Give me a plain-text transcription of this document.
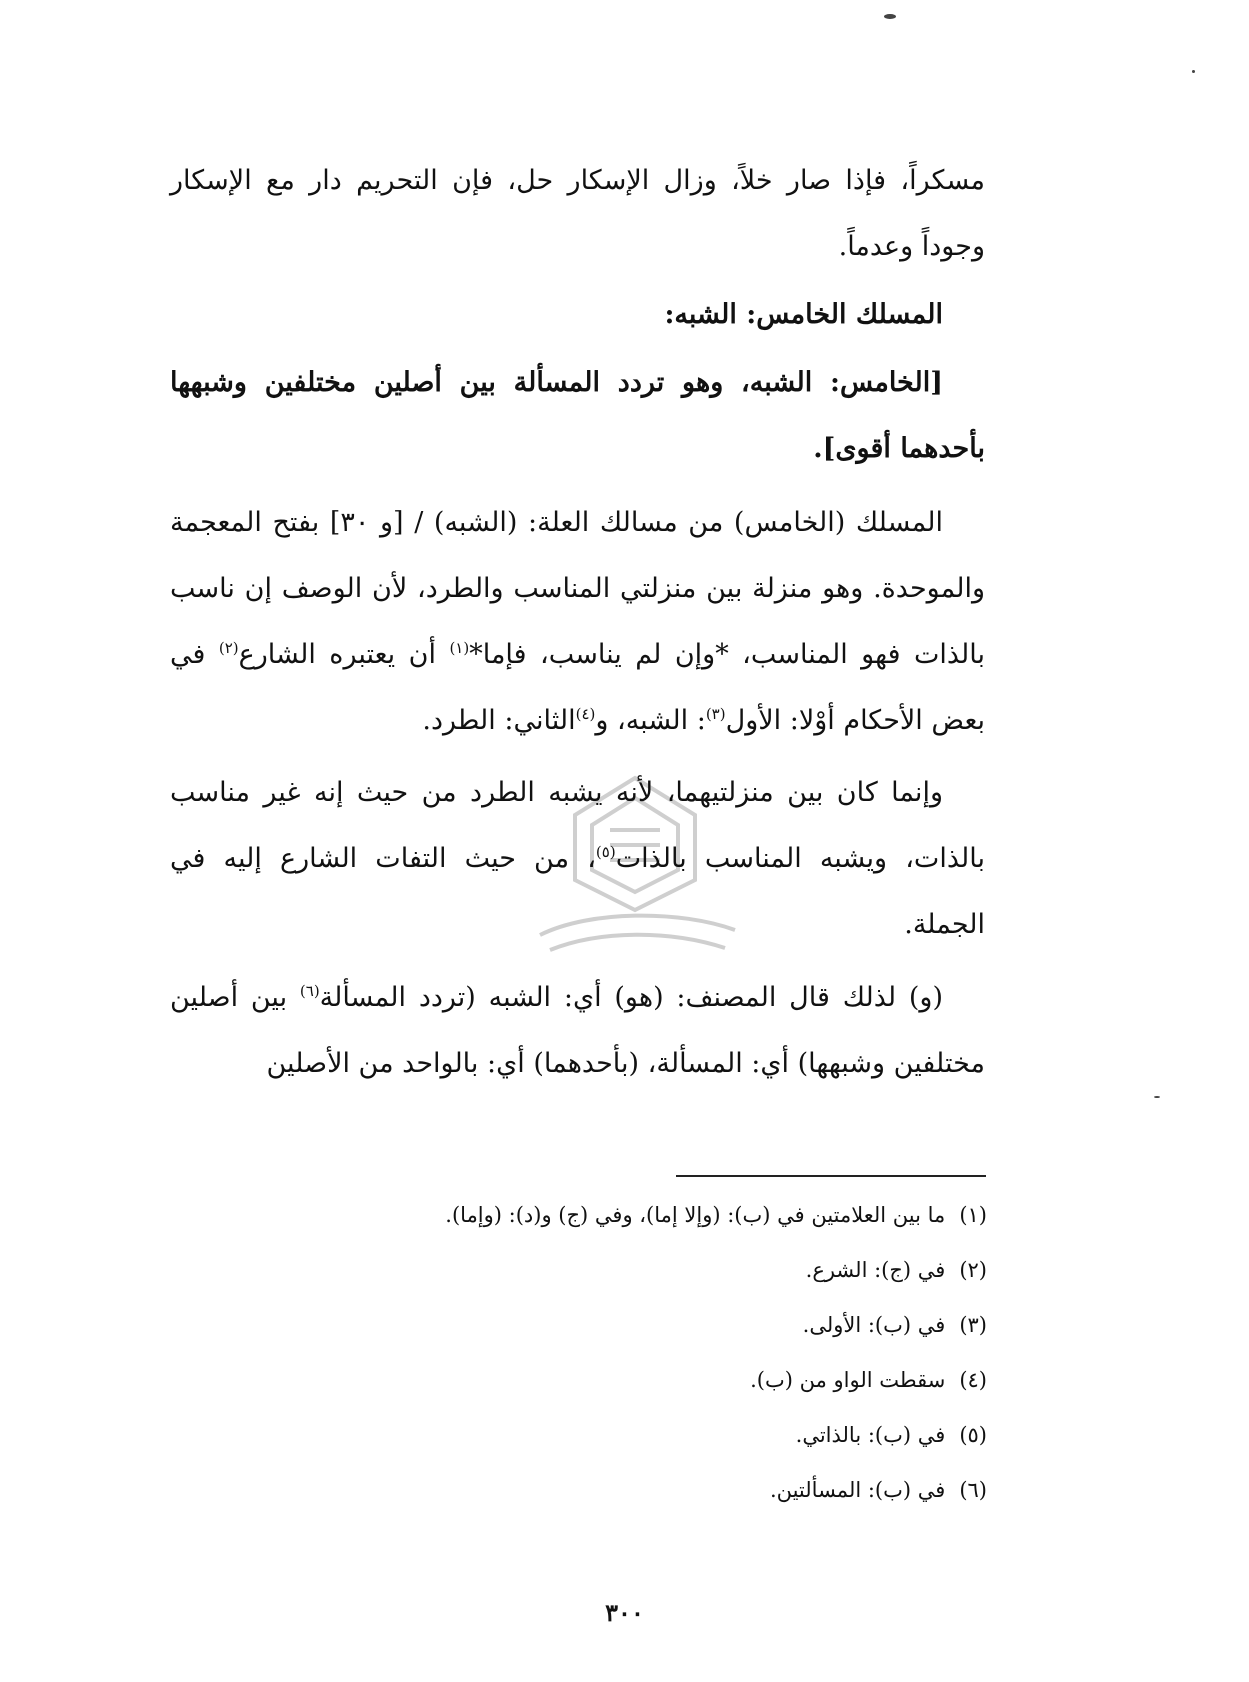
مسكراً، فإذا صار خلاً، وزال الإسكار حل، فإن التحريم دار مع الإسكار وجوداً وعدماً.
المسلك الخامس: الشبه:
[الخامس: الشبه، وهو تردد المسألة بين أصلين مختلفين وشبهها بأحدهما أقوى].
المسلك (الخامس) من مسالك العلة: (الشبه) / [و ٣٠] بفتح المعجمة والموحدة. وهو منزلة بين منزلتي المناسب والطرد، لأن الوصف إن ناسب بالذات فهو المناسب، *وإن لم يناسب، فإما*$^{(١)}$ أن يعتبره الشارع$^{(٢)}$ في بعض الأحكام أوْلا: الأول$^{(٣)}$: الشبه، و$^{(٤)}$الثاني: الطرد.
وإنما كان بين منزلتيهما، لأنه يشبه الطرد من حيث إنه غير مناسب بالذات، ويشبه المناسب بالذات$^{(٥)}$، من حيث التفات الشارع إليه في الجملة.
(و) لذلك قال المصنف: (هو) أي: الشبه (تردد المسألة$^{(٦)}$ بين أصلين مختلفين وشبهها) أي: المسألة، (بأحدهما) أي: بالواحد من الأصلين
(١)ما بين العلامتين في (ب): (وإلا إما)، وفي (ج) و(د): (وإما).
(٢)في (ج): الشرع.
(٣)في (ب): الأولى.
(٤)سقطت الواو من (ب).
(٥)في (ب): بالذاتي.
(٦)في (ب): المسألتين.
٣٠٠
